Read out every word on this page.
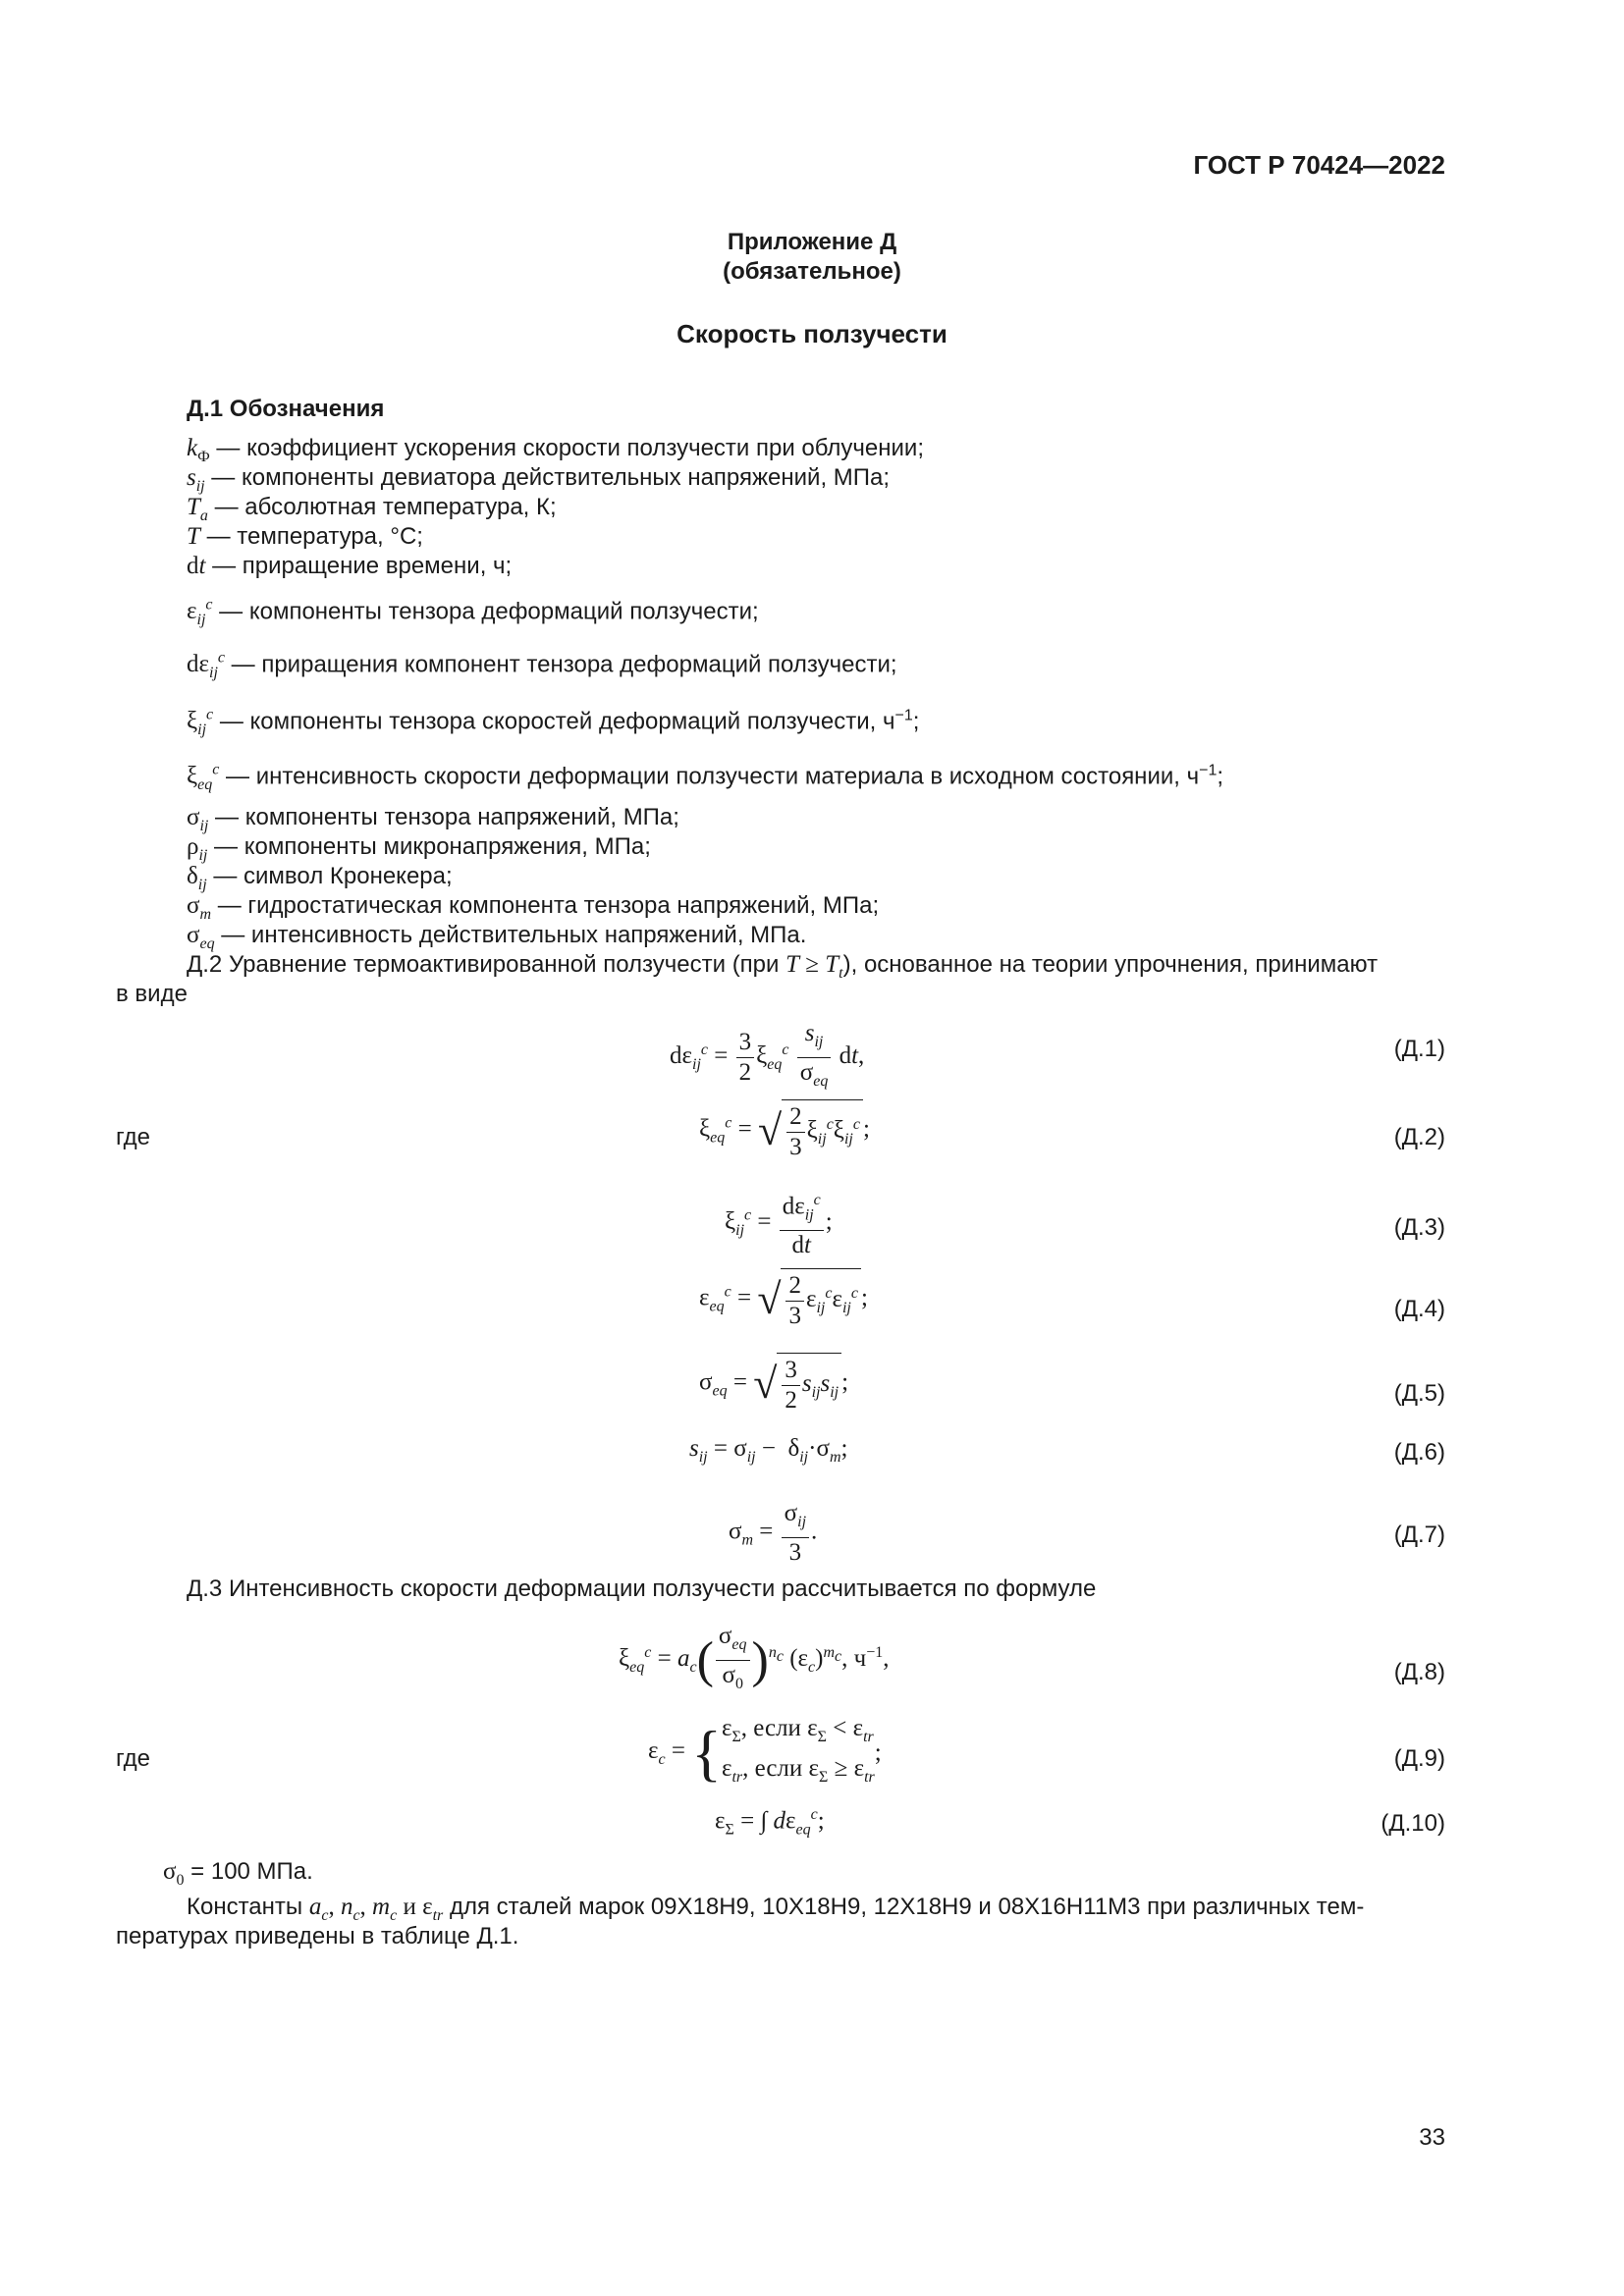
ГОСТ Р 70424—2022
Приложение Д
(обязательное)
Скорость ползучести
Д.1 Обозначения
$k_Ф$ — коэффициент ускорения скорости ползучести при облучении;
$s_{ij}$ — компоненты девиатора действительных напряжений, МПа;
$T_a$ — абсолютная температура, К;
T — температура, °С;
dt — приращение времени, ч;
$\varepsilon_{ij}^c$ — компоненты тензора деформаций ползучести;
$d\varepsilon_{ij}^c$ — приращения компонент тензора деформаций ползучести;
$\xi_{ij}^c$ — компоненты тензора скоростей деформаций ползучести, $ч^{-1}$;
$\xi_{eq}^c$ — интенсивность скорости деформации ползучести материала в исходном состоянии, $ч^{-1}$;
$\sigma_{ij}$ — компоненты тензора напряжений, МПа;
$\rho_{ij}$ — компоненты микронапряжения, МПа;
$\delta_{ij}$ — символ Кронекера;
$\sigma_m$ — гидростатическая компонента тензора напряжений, МПа;
$\sigma_{eq}$ — интенсивность действительных напряжений, МПа.
Д.2 Уравнение термоактивированной ползучести (при $T \ge T_t$), основанное на теории упрочнения, принимают
в виде
$d\varepsilon_{ij}^c = \frac{3}{2} \xi_{eq}^c \frac{s_{ij}}{\sigma_{eq}}$ dt,	(Д.1)
где	$\xi_{eq}^c$ = √ $\frac{2}{3} \xi_{ij}^c\xi_{ij}^c$ ;	(Д.2)
$\xi_{ij}^c = \frac{d\varepsilon_{ij}^c}{dt}$ ;	(Д.3)
$\varepsilon_{eq}^c$ = √ $\frac{2}{3} \varepsilon_{ij}^c\varepsilon_{ij}^c$ ;	(Д.4)
$\sigma_{eq}$ = √ $\frac{3}{2} s_{ij}s_{ij}$ ;	(Д.5)
$s_{ij} = \sigma_{ij} - \delta_{ij}\cdot\sigma_m$;	(Д.6)
$\sigma_m = \frac{\sigma_{ij}}{3}$ .	(Д.7)
Д.3 Интенсивность скорости деформации ползучести рассчитывается по формуле
$\xi_{eq}^c = a_c( \frac{\sigma_{eq}}{\sigma_0} )^{n_c}$ $(\varepsilon_c)^{m_c}$, $ч^{-1}$,
(Д.8)
где	$\varepsilon_c = \{\varepsilon_\Sigma$, если $\varepsilon_\Sigma < \varepsilon_{tr}$
$\varepsilon_{tr}$, если $\varepsilon_\Sigma \ge \varepsilon_{tr}$;	(Д.9)
$\varepsilon_\Sigma$ = ∫ $d\varepsilon_{eq}^c$;	(Д.10)
$\sigma_0 = 100$ МПа.
Константы $a_c$, $n_c$, $m_c$ и $\varepsilon_{tr}$ для сталей марок 09Х18Н9, 10Х18Н9, 12Х18Н9 и 08Х16Н11М3 при различных тем-
пературах приведены в таблице Д.1.
33
